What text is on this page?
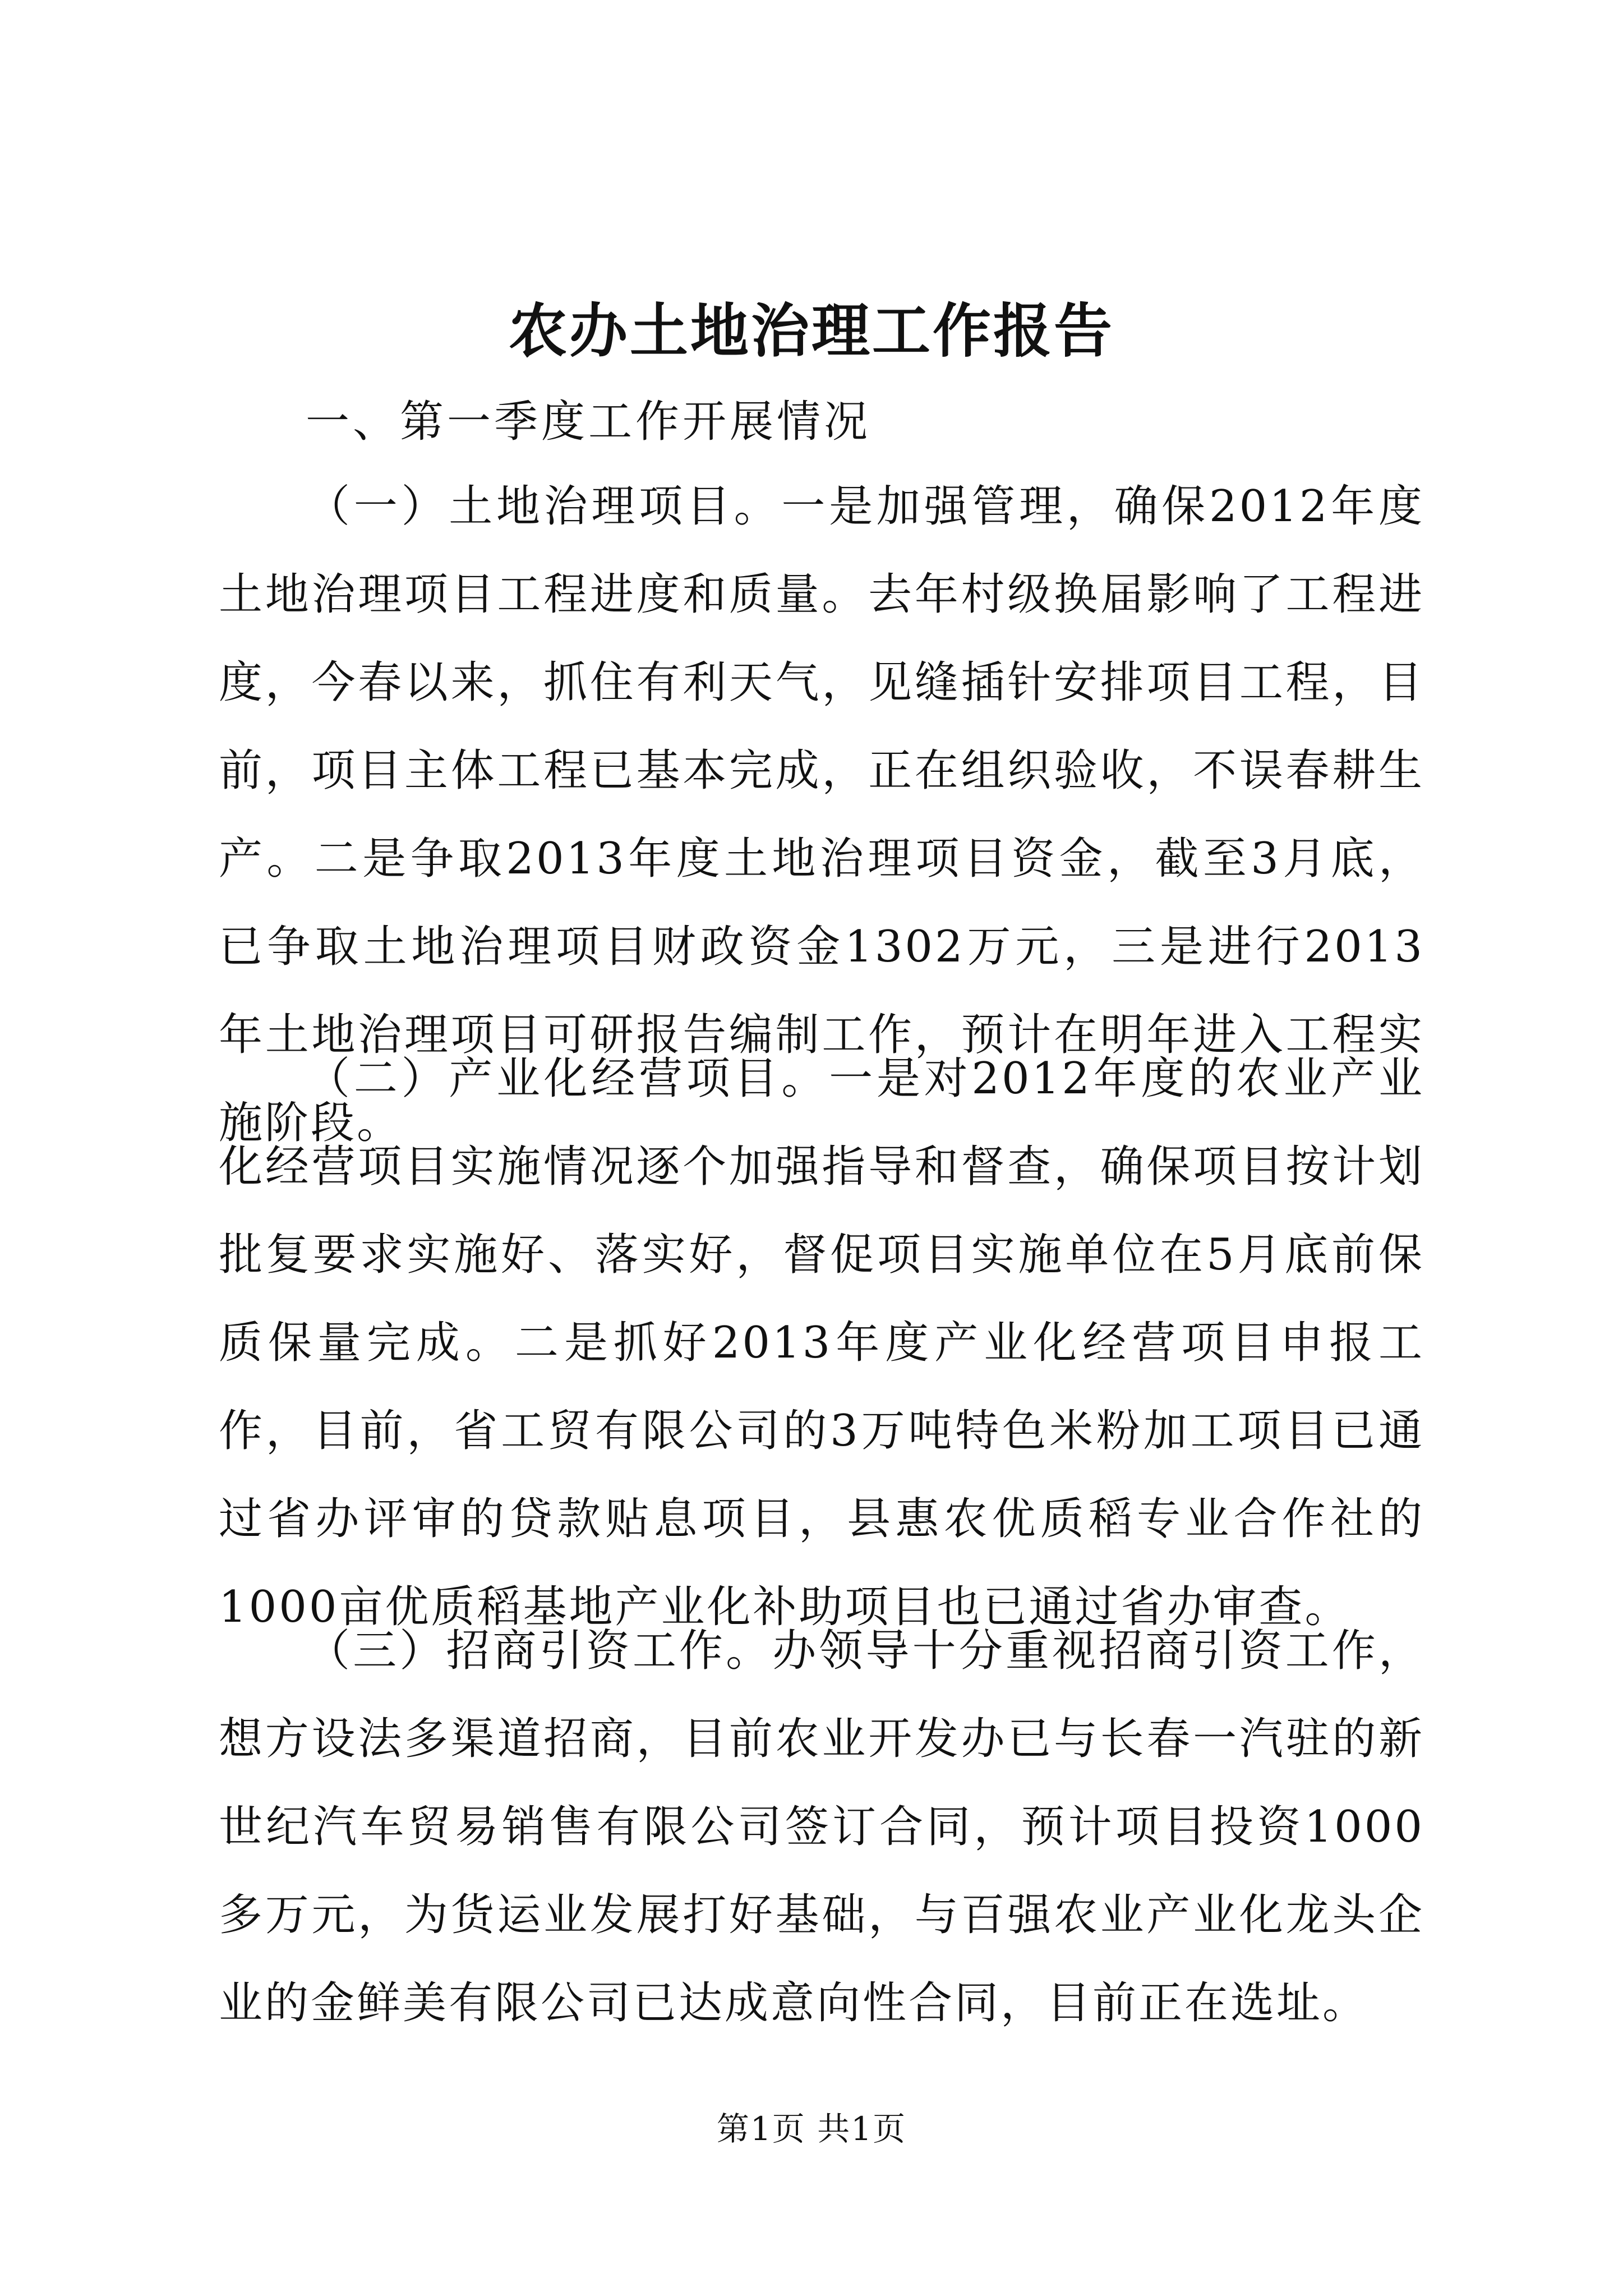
农办土地治理工作报告
一、第一季度工作开展情况

（一）土地治理项目。一是加强管理，确保2012年度土地治理项目工程进度和质量。去年村级换届影响了工程进度，今春以来，抓住有利天气，见缝插针安排项目工程，目前，项目主体工程已基本完成，正在组织验收，不误春耕生产。二是争取2013年度土地治理项目资金，截至3月底，已争取土地治理项目财政资金1302万元，三是进行2013年土地治理项目可研报告编制工作，预计在明年进入工程实施阶段。

（二）产业化经营项目。一是对2012年度的农业产业化经营项目实施情况逐个加强指导和督查，确保项目按计划批复要求实施好、落实好，督促项目实施单位在5月底前保质保量完成。二是抓好2013年度产业化经营项目申报工作，目前，省工贸有限公司的3万吨特色米粉加工项目已通过省办评审的贷款贴息项目，县惠农优质稻专业合作社的1000亩优质稻基地产业化补助项目也已通过省办审查。

（三）招商引资工作。办领导十分重视招商引资工作，想方设法多渠道招商，目前农业开发办已与长春一汽驻的新世纪汽车贸易销售有限公司签订合同，预计项目投资1000多万元，为货运业发展打好基础，与百强农业产业化龙头企业的金鲜美有限公司已达成意向性合同，目前正在选址。

第1页 共1页
